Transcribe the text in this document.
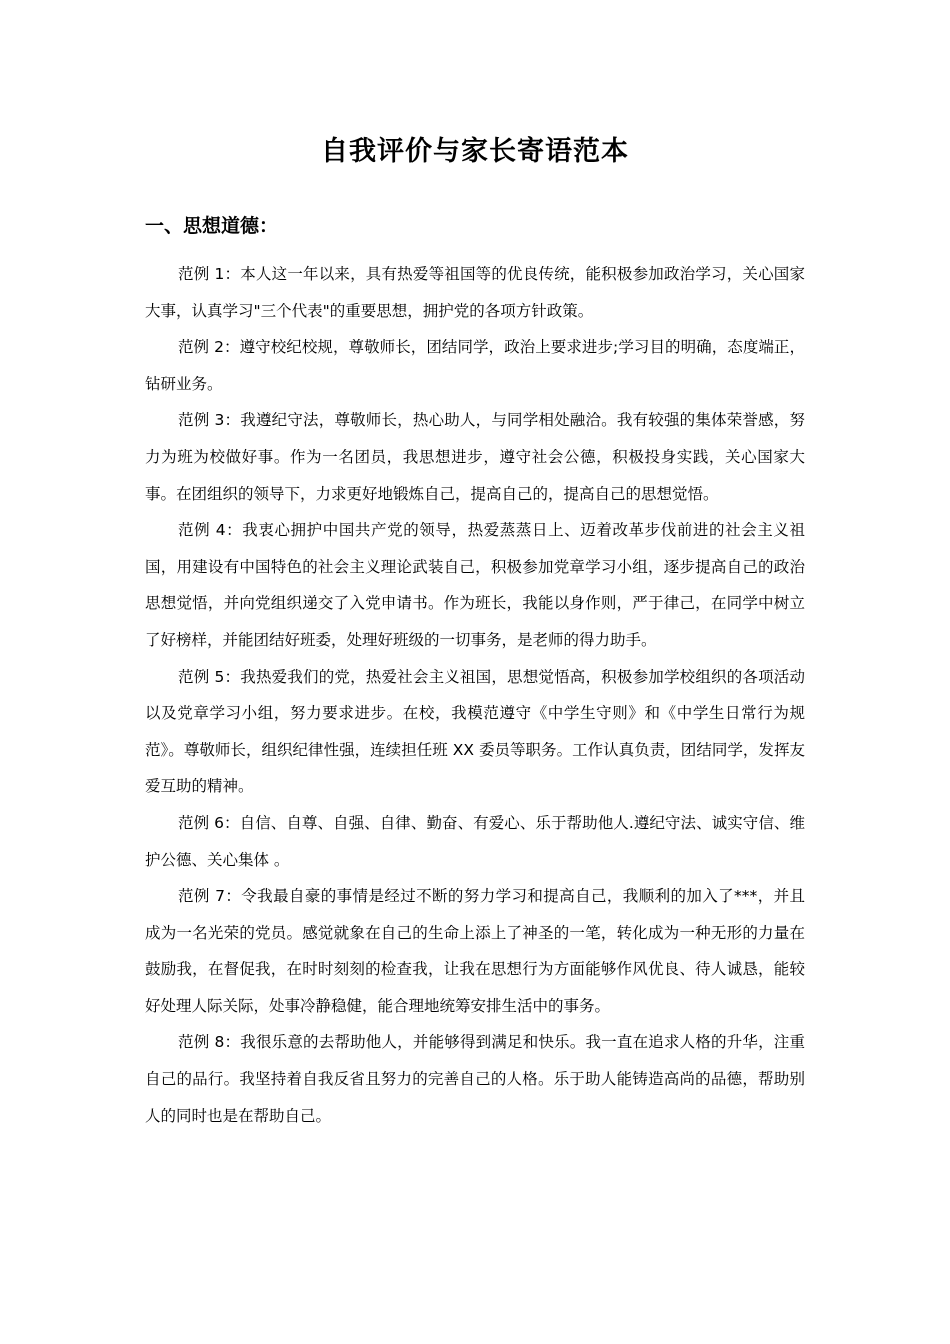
自我评价与家长寄语范本
一、思想道德：

范例 1：本人这一年以来，具有热爱等祖国等的优良传统，能积极参加政治学习，关心国家大事，认真学习"三个代表"的重要思想，拥护党的各项方针政策。

范例 2：遵守校纪校规，尊敬师长，团结同学，政治上要求进步;学习目的明确，态度端正，钻研业务。

范例 3：我遵纪守法，尊敬师长，热心助人，与同学相处融洽。我有较强的集体荣誉感，努力为班为校做好事。作为一名团员，我思想进步，遵守社会公德，积极投身实践，关心国家大事。在团组织的领导下，力求更好地锻炼自己，提高自己的，提高自己的思想觉悟。

范例 4：我衷心拥护中国共产党的领导，热爱蒸蒸日上、迈着改革步伐前进的社会主义祖国，用建设有中国特色的社会主义理论武装自己，积极参加党章学习小组，逐步提高自己的政治思想觉悟，并向党组织递交了入党申请书。作为班长，我能以身作则，严于律己，在同学中树立了好榜样，并能团结好班委，处理好班级的一切事务，是老师的得力助手。

范例 5：我热爱我们的党，热爱社会主义祖国，思想觉悟高，积极参加学校组织的各项活动以及党章学习小组，努力要求进步。在校，我模范遵守《中学生守则》和《中学生日常行为规范》。尊敬师长，组织纪律性强，连续担任班 XX 委员等职务。工作认真负责，团结同学，发挥友爱互助的精神。

范例 6：自信、自尊、自强、自律、勤奋、有爱心、乐于帮助他人.遵纪守法、诚实守信、维护公德、关心集体 。

范例 7：令我最自豪的事情是经过不断的努力学习和提高自己，我顺利的加入了***，并且成为一名光荣的党员。感觉就象在自己的生命上添上了神圣的一笔，转化成为一种无形的力量在鼓励我，在督促我，在时时刻刻的检查我，让我在思想行为方面能够作风优良、待人诚恳，能较好处理人际关际，处事冷静稳健，能合理地统筹安排生活中的事务。

范例 8：我很乐意的去帮助他人，并能够得到满足和快乐。我一直在追求人格的升华，注重自己的品行。我坚持着自我反省且努力的完善自己的人格。乐于助人能铸造高尚的品德，帮助别人的同时也是在帮助自己。
